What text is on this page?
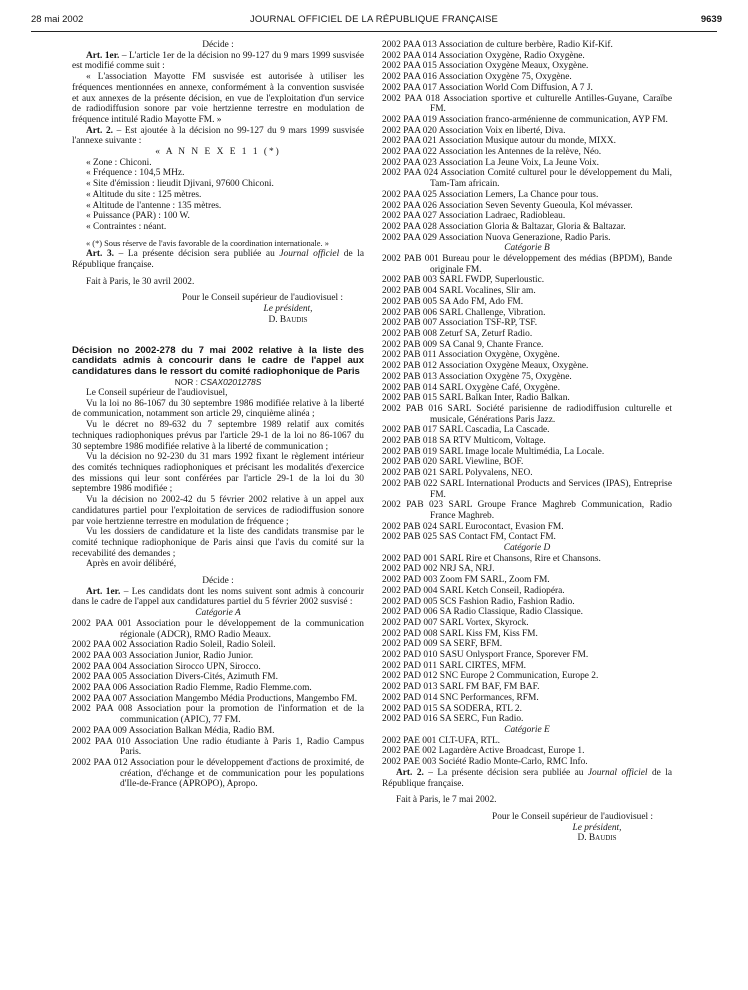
28 mai 2002	JOURNAL OFFICIEL DE LA RÉPUBLIQUE FRANÇAISE	9639

Décide :

Art. 1er. – L'article 1er de la décision no 99-127 du 9 mars 1999 susvisée est modifié comme suit :

« L'association Mayotte FM susvisée est autorisée à utiliser les fréquences mentionnées en annexe, conformément à la convention susvisée et aux annexes de la présente décision, en vue de l'exploitation d'un service de radiodiffusion sonore par voie hertzienne terrestre en modulation de fréquence intitulé Radio Mayotte FM. »

Art. 2. – Est ajoutée à la décision no 99-127 du 9 mars 1999 susvisée l'annexe suivante :

« A N N E X E 1 1 (*)

« Zone : Chiconi.

« Fréquence : 104,5 MHz.

« Site d'émission : lieudit Djivani, 97600 Chiconi.

« Altitude du site : 125 mètres.

« Altitude de l'antenne : 135 mètres.

« Puissance (PAR) : 100 W.

« Contraintes : néant.

« (*) Sous réserve de l'avis favorable de la coordination internationale. »

Art. 3. – La présente décision sera publiée au Journal officiel de la République française.

Fait à Paris, le 30 avril 2002.

Pour le Conseil supérieur de l'audiovisuel :

Le président,

D. Baudis

Décision no 2002-278 du 7 mai 2002 relative à la liste des candidats admis à concourir dans le cadre de l'appel aux candidatures dans le ressort du comité radiophonique de Paris

NOR : CSAX0201278S

Le Conseil supérieur de l'audiovisuel,

Vu la loi no 86-1067 du 30 septembre 1986 modifiée relative à la liberté de communication, notamment son article 29, cinquième alinéa ;

Vu le décret no 89-632 du 7 septembre 1989 relatif aux comités techniques radiophoniques prévus par l'article 29-1 de la loi no 86-1067 du 30 septembre 1986 modifiée relative à la liberté de communication ;

Vu la décision no 92-230 du 31 mars 1992 fixant le règlement intérieur des comités techniques radiophoniques et précisant les modalités d'exercice des missions qui leur sont conférées par l'article 29-1 de la loi du 30 septembre 1986 modifiée ;

Vu la décision no 2002-42 du 5 février 2002 relative à un appel aux candidatures partiel pour l'exploitation de services de radiodiffusion sonore par voie hertzienne terrestre en modulation de fréquence ;

Vu les dossiers de candidature et la liste des candidats transmise par le comité technique radiophonique de Paris ainsi que l'avis du comité sur la recevabilité des demandes ;

Après en avoir délibéré,

Décide :

Art. 1er. – Les candidats dont les noms suivent sont admis à concourir dans le cadre de l'appel aux candidatures partiel du 5 février 2002 susvisé :

Catégorie A

2002 PAA 001 Association pour le développement de la communication régionale (ADCR), RMO Radio Meaux.

2002 PAA 002 Association Radio Soleil, Radio Soleil.

2002 PAA 003 Association Junior, Radio Junior.

2002 PAA 004 Association Sirocco UPN, Sirocco.

2002 PAA 005 Association Divers-Cités, Azimuth FM.

2002 PAA 006 Association Radio Flemme, Radio Flemme.com.

2002 PAA 007 Association Mangembo Média Productions, Mangembo FM.

2002 PAA 008 Association pour la promotion de l'information et de la communication (APIC), 77 FM.

2002 PAA 009 Association Balkan Média, Radio BM.

2002 PAA 010 Association Une radio étudiante à Paris 1, Radio Campus Paris.

2002 PAA 012 Association pour le développement d'actions de proximité, de création, d'échange et de communication pour les populations d'Ile-de-France (APROPO), Apropo.

2002 PAA 013 Association de culture berbère, Radio Kif-Kif.

2002 PAA 014 Association Oxygène, Radio Oxygène.

2002 PAA 015 Association Oxygène Meaux, Oxygène.

2002 PAA 016 Association Oxygène 75, Oxygène.

2002 PAA 017 Association World Com Diffusion, A 7 J.

2002 PAA 018 Association sportive et culturelle Antilles-Guyane, Caraïbe FM.

2002 PAA 019 Association franco-arménienne de communication, AYP FM.

2002 PAA 020 Association Voix en liberté, Diva.

2002 PAA 021 Association Musique autour du monde, MIXX.

2002 PAA 022 Association les Antennes de la relève, Néo.

2002 PAA 023 Association La Jeune Voix, La Jeune Voix.

2002 PAA 024 Association Comité culturel pour le développement du Mali, Tam-Tam africain.

2002 PAA 025 Association Lemers, La Chance pour tous.

2002 PAA 026 Association Seven Seventy Gueoula, Kol mévasser.

2002 PAA 027 Association Ladraec, Radiobleau.

2002 PAA 028 Association Gloria & Baltazar, Gloria & Baltazar.

2002 PAA 029 Association Nuova Generazione, Radio Paris.

Catégorie B

2002 PAB 001 Bureau pour le développement des médias (BPDM), Bande originale FM.

2002 PAB 003 SARL FWDP, Superloustic.

2002 PAB 004 SARL Vocalines, Slir am.

2002 PAB 005 SA Ado FM, Ado FM.

2002 PAB 006 SARL Challenge, Vibration.

2002 PAB 007 Association TSF-RP, TSF.

2002 PAB 008 Zeturf SA, Zeturf Radio.

2002 PAB 009 SA Canal 9, Chante France.

2002 PAB 011 Association Oxygène, Oxygène.

2002 PAB 012 Association Oxygène Meaux, Oxygène.

2002 PAB 013 Association Oxygène 75, Oxygène.

2002 PAB 014 SARL Oxygène Café, Oxygène.

2002 PAB 015 SARL Balkan Inter, Radio Balkan.

2002 PAB 016 SARL Société parisienne de radiodiffusion culturelle et musicale, Générations Paris Jazz.

2002 PAB 017 SARL Cascadia, La Cascade.

2002 PAB 018 SA RTV Multicom, Voltage.

2002 PAB 019 SARL Image locale Multimédia, La Locale.

2002 PAB 020 SARL Viewline, BOF.

2002 PAB 021 SARL Polyvalens, NEO.

2002 PAB 022 SARL International Products and Services (IPAS), Entreprise FM.

2002 PAB 023 SARL Groupe France Maghreb Communication, Radio France Maghreb.

2002 PAB 024 SARL Eurocontact, Evasion FM.

2002 PAB 025 SAS Contact FM, Contact FM.

Catégorie D

2002 PAD 001 SARL Rire et Chansons, Rire et Chansons.

2002 PAD 002 NRJ SA, NRJ.

2002 PAD 003 Zoom FM SARL, Zoom FM.

2002 PAD 004 SARL Ketch Conseil, Radiopéra.

2002 PAD 005 SCS Fashion Radio, Fashion Radio.

2002 PAD 006 SA Radio Classique, Radio Classique.

2002 PAD 007 SARL Vortex, Skyrock.

2002 PAD 008 SARL Kiss FM, Kiss FM.

2002 PAD 009 SA SERF, BFM.

2002 PAD 010 SASU Onlysport France, Sporever FM.

2002 PAD 011 SARL CIRTES, MFM.

2002 PAD 012 SNC Europe 2 Communication, Europe 2.

2002 PAD 013 SARL FM BAF, FM BAF.

2002 PAD 014 SNC Performances, RFM.

2002 PAD 015 SA SODERA, RTL 2.

2002 PAD 016 SA SERC, Fun Radio.

Catégorie E

2002 PAE 001 CLT-UFA, RTL.

2002 PAE 002 Lagardère Active Broadcast, Europe 1.

2002 PAE 003 Société Radio Monte-Carlo, RMC Info.

Art. 2. – La présente décision sera publiée au Journal officiel de la République française.

Fait à Paris, le 7 mai 2002.

Pour le Conseil supérieur de l'audiovisuel :

Le président,

D. Baudis
